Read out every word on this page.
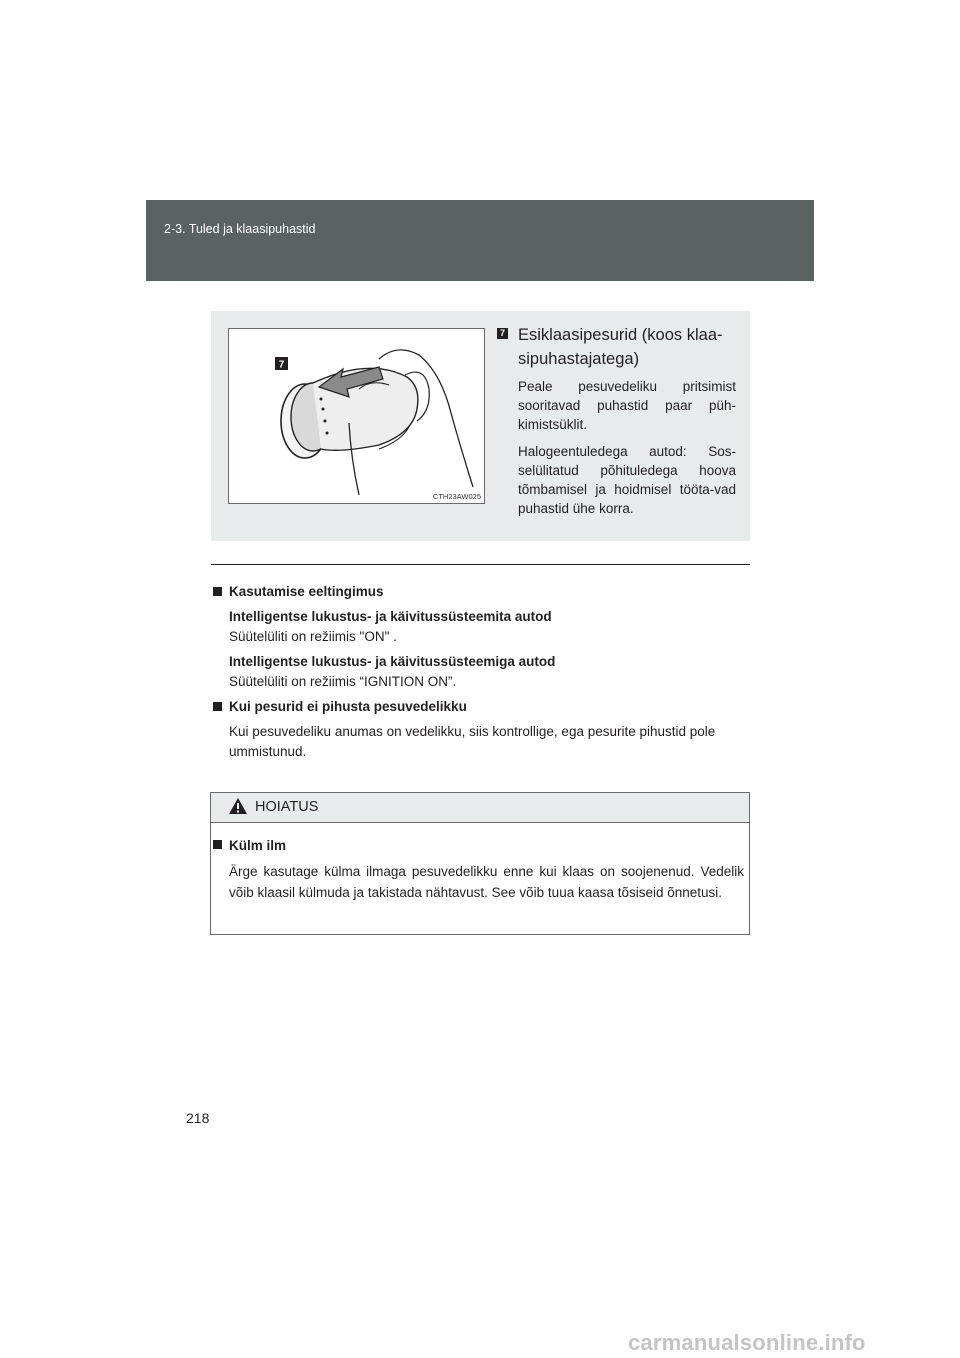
2-3. Tuled ja klaasipuhastid
7
CTH23AW025
7 Esiklaasipesurid (koos klaa-
sipuhastajatega)
Peale pesuvedeliku pritsimist sooritavad puhastid paar püh-kimistsüklit.
Halogeentuledega autod: Sos-selülitatud põhituledega hoova tõmbamisel ja hoidmisel tööta-vad puhastid ühe korra.
Kasutamise eeltingimus
Intelligentse lukustus- ja käivitussüsteemita autod
Süütelüliti on režiimis "ON" .
Intelligentse lukustus- ja käivitussüsteemiga autod
Süütelüliti on režiimis “IGNITION ON”.
Kui pesurid ei pihusta pesuvedelikku
Kui pesuvedeliku anumas on vedelikku, siis kontrollige, ega pesurite pihustid pole ummistunud.
HOIATUS
Külm ilm
Ärge kasutage külma ilmaga pesuvedelikku enne kui klaas on soojenenud. Vedelik võib klaasil külmuda ja takistada nähtavust. See võib tuua kaasa tõsiseid õnnetusi.
218
carmanualsonline.info
